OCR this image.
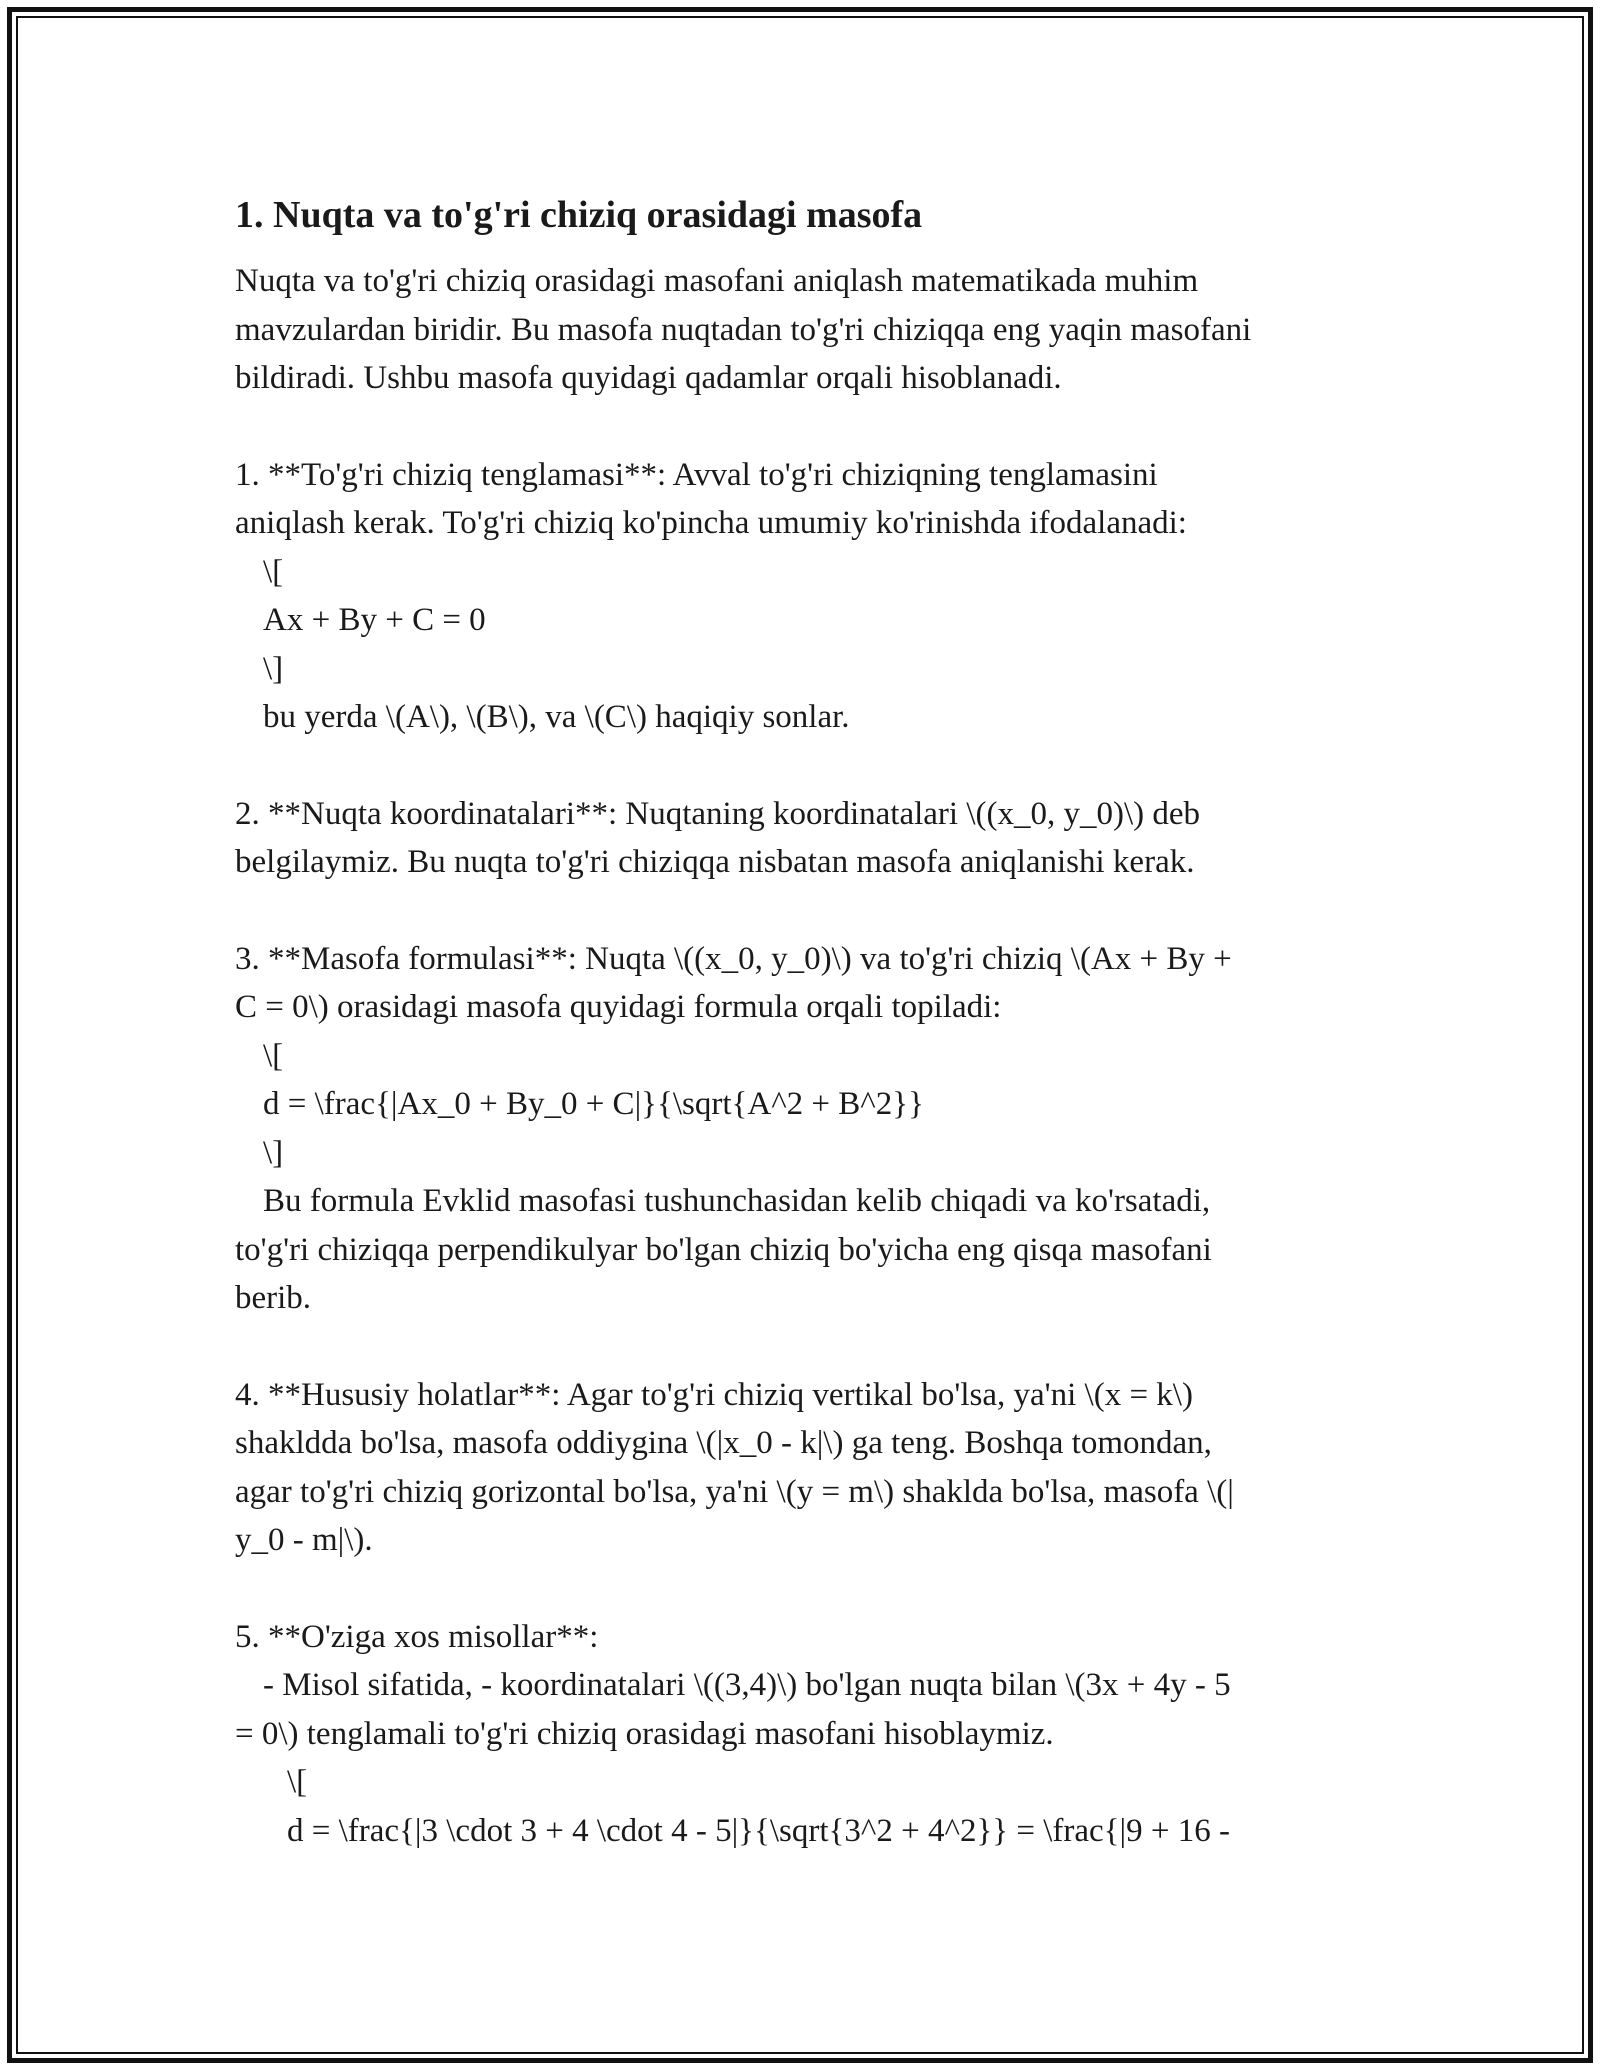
1. Nuqta va to'g'ri chiziq orasidagi masofa
Nuqta va to'g'ri chiziq orasidagi masofani aniqlash matematikada muhim
mavzulardan biridir. Bu masofa nuqtadan to'g'ri chiziqqa eng yaqin masofani
bildiradi. Ushbu masofa quyidagi qadamlar orqali hisoblanadi.
1. **To'g'ri chiziq tenglamasi**: Avval to'g'ri chiziqning tenglamasini
aniqlash kerak. To'g'ri chiziq ko'pincha umumiy ko'rinishda ifodalanadi:
\[
Ax + By + C = 0
\]
bu yerda \(A\), \(B\), va \(C\) haqiqiy sonlar.
2. **Nuqta koordinatalari**: Nuqtaning koordinatalari \((x_0, y_0)\) deb
belgilaymiz. Bu nuqta to'g'ri chiziqqa nisbatan masofa aniqlanishi kerak.
3. **Masofa formulasi**: Nuqta \((x_0, y_0)\) va to'g'ri chiziq \(Ax + By +
C = 0\) orasidagi masofa quyidagi formula orqali topiladi:
\[
d = \frac{|Ax_0 + By_0 + C|}{\sqrt{A^2 + B^2}}
\]
Bu formula Evklid masofasi tushunchasidan kelib chiqadi va ko'rsatadi,
to'g'ri chiziqqa perpendikulyar bo'lgan chiziq bo'yicha eng qisqa masofani
berib.
4. **Hususiy holatlar**: Agar to'g'ri chiziq vertikal bo'lsa, ya'ni \(x = k\)
shakldda bo'lsa, masofa oddiygina \(|x_0 - k|\) ga teng. Boshqa tomondan,
agar to'g'ri chiziq gorizontal bo'lsa, ya'ni \(y = m\) shaklda bo'lsa, masofa \(|
y_0 - m|\).
5. **O'ziga xos misollar**:
- Misol sifatida, - koordinatalari \((3,4)\) bo'lgan nuqta bilan \(3x + 4y - 5
= 0\) tenglamali to'g'ri chiziq orasidagi masofani hisoblaymiz.
\[
d = \frac{|3 \cdot 3 + 4 \cdot 4 - 5|}{\sqrt{3^2 + 4^2}} = \frac{|9 + 16 -
